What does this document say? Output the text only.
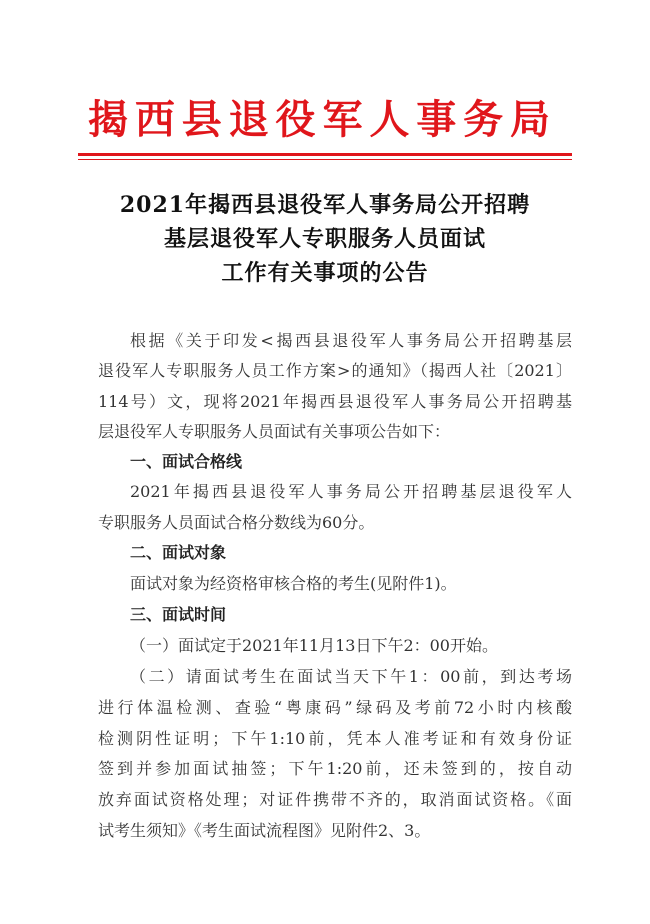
揭西县退役军人事务局
2021年揭西县退役军人事务局公开招聘
基层退役军人专职服务人员面试
工作有关事项的公告
根据《关于印发<揭西县退役军人事务局公开招聘基层
退役军人专职服务人员工作方案>的通知》（揭西人社〔2021〕
114号）文，现将2021年揭西县退役军人事务局公开招聘基
层退役军人专职服务人员面试有关事项公告如下：
一、面试合格线
2021年揭西县退役军人事务局公开招聘基层退役军人
专职服务人员面试合格分数线为60分。
二、面试对象
面试对象为经资格审核合格的考生(见附件1)。
三、面试时间
（一）面试定于2021年11月13日下午2：00开始。
（二）请面试考生在面试当天下午1：00前，到达考场
进行体温检测、查验“粤康码”绿码及考前72小时内核酸
检测阴性证明；下午1:10前，凭本人准考证和有效身份证
签到并参加面试抽签；下午1:20前，还未签到的，按自动
放弃面试资格处理；对证件携带不齐的，取消面试资格。《面
试考生须知》《考生面试流程图》见附件2、3。
